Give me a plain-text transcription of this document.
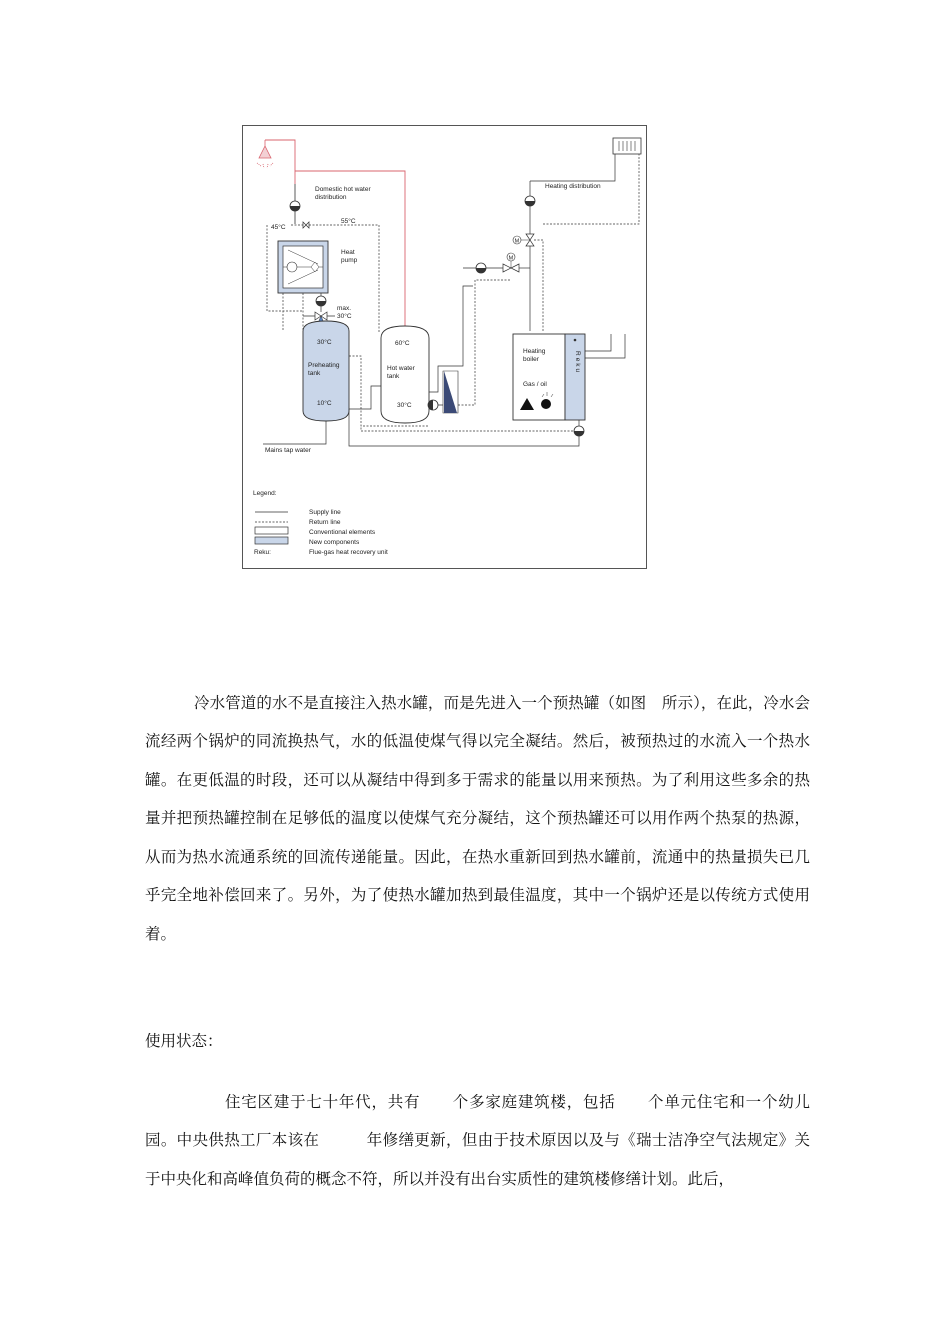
Domestic hot water
distribution
45°C
55°C
Heat
pump
max.
30°C
30°C
Preheating
tank
10°C
60°C
Hot water
tank
30°C
M
M
Heating distribution
Reku
Heating
boiler
Gas / oil
Mains tap water
Legend:
Reku:
Supply line
Return line
Conventional elements
New components
Flue-gas heat recovery unit

冷水管道的水不是直接注入热水罐，而是先进入一个预热罐（如图　所示），在此，冷水会流经两个锅炉的同流换热气，水的低温使煤气得以完全凝结。然后，被预热过的水流入一个热水罐。在更低温的时段，还可以从凝结中得到多于需求的能量以用来预热。为了利用这些多余的热量并把预热罐控制在足够低的温度以使煤气充分凝结，这个预热罐还可以用作两个热泵的热源，从而为热水流通系统的回流传递能量。因此，在热水重新回到热水罐前，流通中的热量损失已几乎完全地补偿回来了。另外，为了使热水罐加热到最佳温度，其中一个锅炉还是以传统方式使用着。

使用状态：

住宅区建于七十年代，共有　　个多家庭建筑楼，包括　　个单元住宅和一个幼儿园。中央供热工厂本该在　　　年修缮更新，但由于技术原因以及与《瑞士洁净空气法规定》关于中央化和高峰值负荷的概念不符，所以并没有出台实质性的建筑楼修缮计划。此后，
